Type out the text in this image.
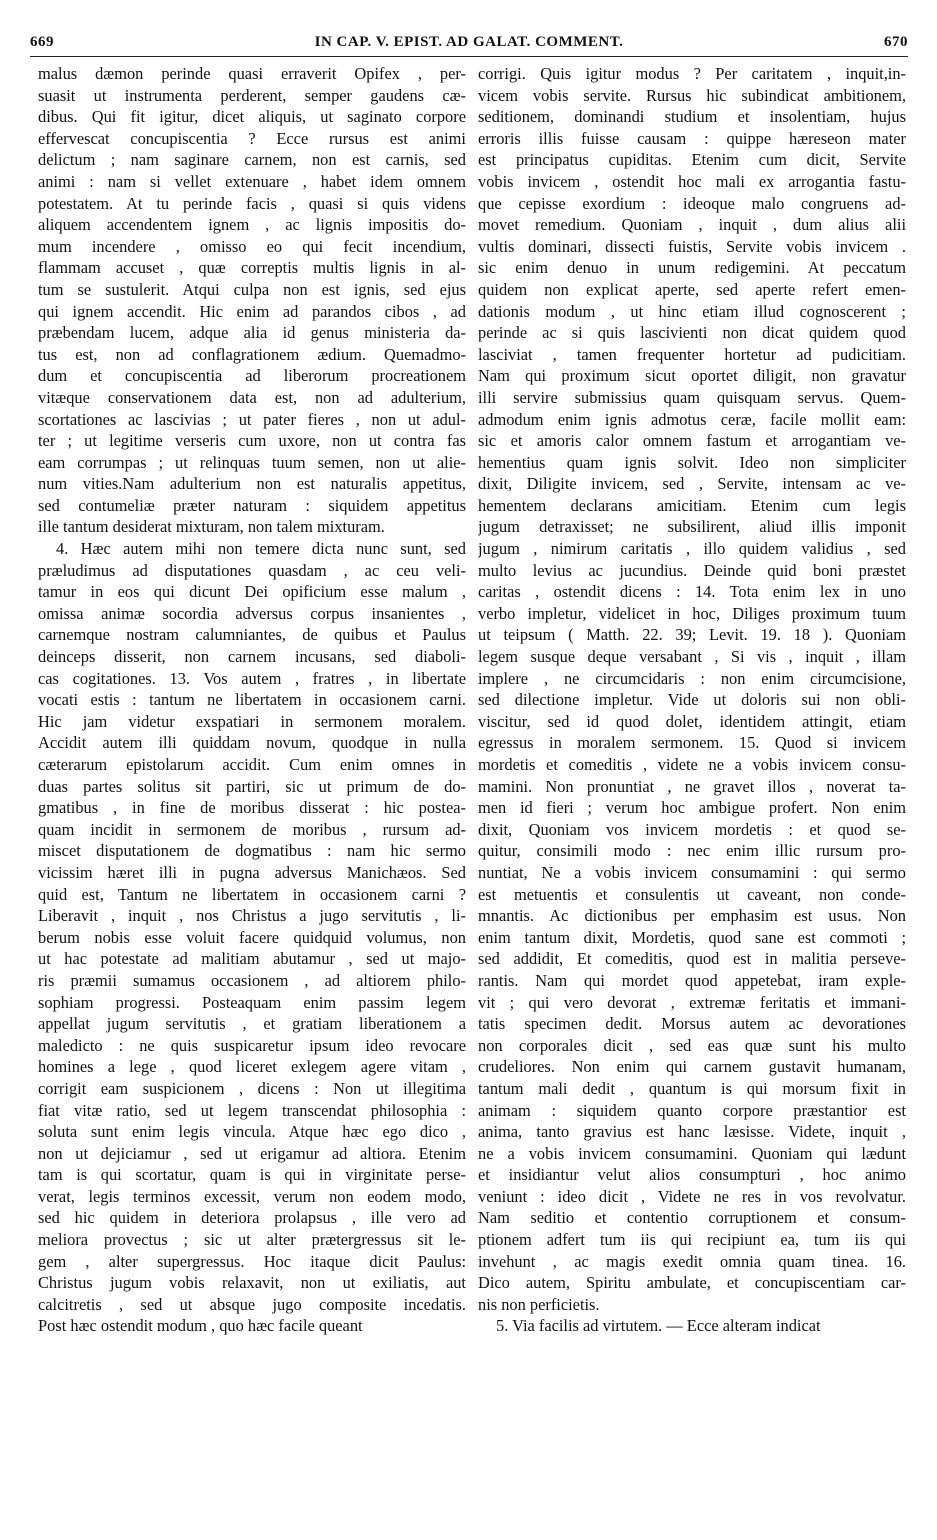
669	IN CAP. V. EPIST. AD GALAT. COMMENT.	670
malus dæmon perinde quasi erraverit Opifex , per-
suasit ut instrumenta perderent, semper gaudens cæ-
dibus. Qui fit igitur, dicet aliquis, ut saginato corpore
effervescat concupiscentia ? Ecce rursus est animi
delictum ; nam saginare carnem, non est carnis, sed
animi : nam si vellet extenuare , habet idem omnem
potestatem. At tu perinde facis , quasi si quis videns
aliquem accendentem ignem , ac lignis impositis do-
mum incendere , omisso eo qui fecit incendium,
flammam accuset , quæ correptis multis lignis in al-
tum se sustulerit. Atqui culpa non est ignis, sed ejus
qui ignem accendit. Hic enim ad parandos cibos , ad
præbendam lucem, adque alia id genus ministeria da-
tus est, non ad conflagrationem ædium. Quemadmo-
dum et concupiscentia ad liberorum procreationem
vitæque conservationem data est, non ad adulterium,
scortationes ac lascivias ; ut pater fieres , non ut adul-
ter ; ut legitime verseris cum uxore, non ut contra fas
eam corrumpas ; ut relinquas tuum semen, non ut alie-
num vities.Nam adulterium non est naturalis appetitus,
sed contumeliæ præter naturam : siquidem appetitus
ille tantum desiderat mixturam, non talem mixturam.
4. Hæc autem mihi non temere dicta nunc sunt, sed
præludimus ad disputationes quasdam , ac ceu veli-
tamur in eos qui dicunt Dei opificium esse malum ,
omissa animæ socordia adversus corpus insanientes ,
carnemque nostram calumniantes, de quibus et Paulus
deinceps disserit, non carnem incusans, sed diaboli-
cas cogitationes. 13. Vos autem , fratres , in libertate
vocati estis : tantum ne libertatem in occasionem carni.
Hic jam videtur exspatiari in sermonem moralem.
Accidit autem illi quiddam novum, quodque in nulla
cæterarum epistolarum accidit. Cum enim omnes in
duas partes solitus sit partiri, sic ut primum de do-
gmatibus , in fine de moribus disserat : hic postea-
quam incidit in sermonem de moribus , rursum ad-
miscet disputationem de dogmatibus : nam hic sermo
vicissim hæret illi in pugna adversus Manichæos. Sed
quid est, Tantum ne libertatem in occasionem carni ?
Liberavit , inquit , nos Christus a jugo servitutis , li-
berum nobis esse voluit facere quidquid volumus, non
ut hac potestate ad malitiam abutamur , sed ut majo-
ris præmii sumamus occasionem , ad altiorem philo-
sophiam progressi. Posteaquam enim passim legem
appellat jugum servitutis , et gratiam liberationem a
maledicto : ne quis suspicaretur ipsum ideo revocare
homines a lege , quod liceret exlegem agere vitam ,
corrigit eam suspicionem , dicens : Non ut illegitima
fiat vitæ ratio, sed ut legem transcendat philosophia :
soluta sunt enim legis vincula. Atque hæc ego dico ,
non ut dejiciamur , sed ut erigamur ad altiora. Etenim
tam is qui scortatur, quam is qui in virginitate perse-
verat, legis terminos excessit, verum non eodem modo,
sed hic quidem in deteriora prolapsus , ille vero ad
meliora provectus ; sic ut alter prætergressus sit le-
gem , alter supergressus. Hoc itaque dicit Paulus:
Christus jugum vobis relaxavit, non ut exiliatis, aut
calcitretis , sed ut absque jugo composite incedatis.
Post hæc ostendit modum , quo hæc facile queant
corrigi. Quis igitur modus ? Per caritatem , inquit,in-
vicem vobis servite. Rursus hic subindicat ambitionem,
seditionem, dominandi studium et insolentiam, hujus
erroris illis fuisse causam : quippe hæreseon mater
est principatus cupiditas. Etenim cum dicit, Servite
vobis invicem , ostendit hoc mali ex arrogantia fastu-
que cepisse exordium : ideoque malo congruens ad-
movet remedium. Quoniam , inquit , dum alius alii
vultis dominari, dissecti fuistis, Servite vobis invicem .
sic enim denuo in unum redigemini. At peccatum
quidem non explicat aperte, sed aperte refert emen-
dationis modum , ut hinc etiam illud cognoscerent ;
perinde ac si quis lascivienti non dicat quidem quod
lasciviat , tamen frequenter hortetur ad pudicitiam.
Nam qui proximum sicut oportet diligit, non gravatur
illi servire submissius quam quisquam servus. Quem-
admodum enim ignis admotus ceræ, facile mollit eam:
sic et amoris calor omnem fastum et arrogantiam ve-
hementius quam ignis solvit. Ideo non simpliciter
dixit, Diligite invicem, sed , Servite, intensam ac ve-
hementem declarans amicitiam. Etenim cum legis
jugum detraxisset; ne subsilirent, aliud illis imponit
jugum , nimirum caritatis , illo quidem validius , sed
multo levius ac jucundius. Deinde quid boni præstet
caritas , ostendit dicens : 14. Tota enim lex in uno
verbo impletur, videlicet in hoc, Diliges proximum tuum
ut teipsum ( Matth. 22. 39; Levit. 19. 18 ). Quoniam
legem susque deque versabant , Si vis , inquit , illam
implere , ne circumcidaris : non enim circumcisione,
sed dilectione impletur. Vide ut doloris sui non obli-
viscitur, sed id quod dolet, identidem attingit, etiam
egressus in moralem sermonem. 15. Quod si invicem
mordetis et comeditis , videte ne a vobis invicem consu-
mamini. Non pronuntiat , ne gravet illos , noverat ta-
men id fieri ; verum hoc ambigue profert. Non enim
dixit, Quoniam vos invicem mordetis : et quod se-
quitur, consimili modo : nec enim illic rursum pro-
nuntiat, Ne a vobis invicem consumamini : qui sermo
est metuentis et consulentis ut caveant, non conde-
mnantis. Ac dictionibus per emphasim est usus. Non
enim tantum dixit, Mordetis, quod sane est commoti ;
sed addidit, Et comeditis, quod est in malitia perseve-
rantis. Nam qui mordet quod appetebat, iram exple-
vit ; qui vero devorat , extremæ feritatis et immani-
tatis specimen dedit. Morsus autem ac devorationes
non corporales dicit , sed eas quæ sunt his multo
crudeliores. Non enim qui carnem gustavit humanam,
tantum mali dedit , quantum is qui morsum fixit in
animam : siquidem quanto corpore præstantior est
anima, tanto gravius est hanc læsisse. Videte, inquit ,
ne a vobis invicem consumamini. Quoniam qui lædunt
et insidiantur velut alios consumpturi , hoc animo
veniunt : ideo dicit , Videte ne res in vos revolvatur.
Nam seditio et contentio corruptionem et consum-
ptionem adfert tum iis qui recipiunt ea, tum iis qui
invehunt , ac magis exedit omnia quam tinea. 16.
Dico autem, Spiritu ambulate, et concupiscentiam car-
nis non perficietis.
5. Via facilis ad virtutem. — Ecce alteram indicat
